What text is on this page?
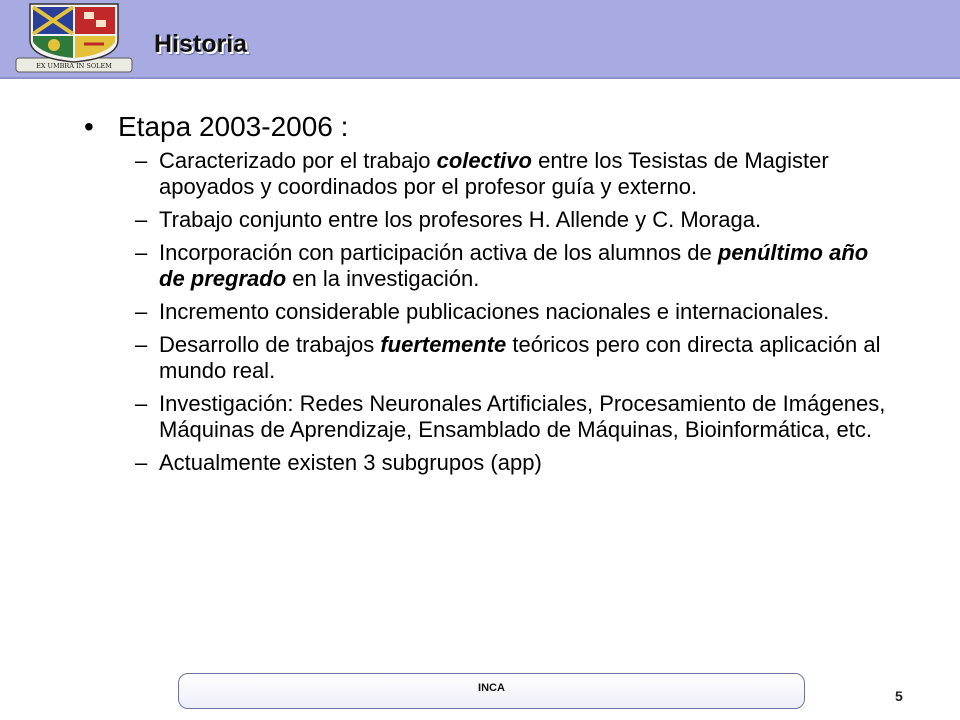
EX UMBRA IN SOLEM
Historia
• Etapa 2003-2006 :
– Caracterizado por el trabajo colectivo entre los Tesistas de Magister apoyados y coordinados por el profesor guía y externo.
– Trabajo conjunto entre los profesores H. Allende y C. Moraga.
– Incorporación con participación activa de los alumnos de penúltimo año de pregrado en la investigación.
– Incremento considerable publicaciones nacionales e internacionales.
– Desarrollo de trabajos fuertemente teóricos pero con directa aplicación al mundo real.
– Investigación: Redes Neuronales Artificiales, Procesamiento de Imágenes, Máquinas de Aprendizaje, Ensamblado de Máquinas, Bioinformática, etc.
– Actualmente existen 3 subgrupos (app)
INCA	5
